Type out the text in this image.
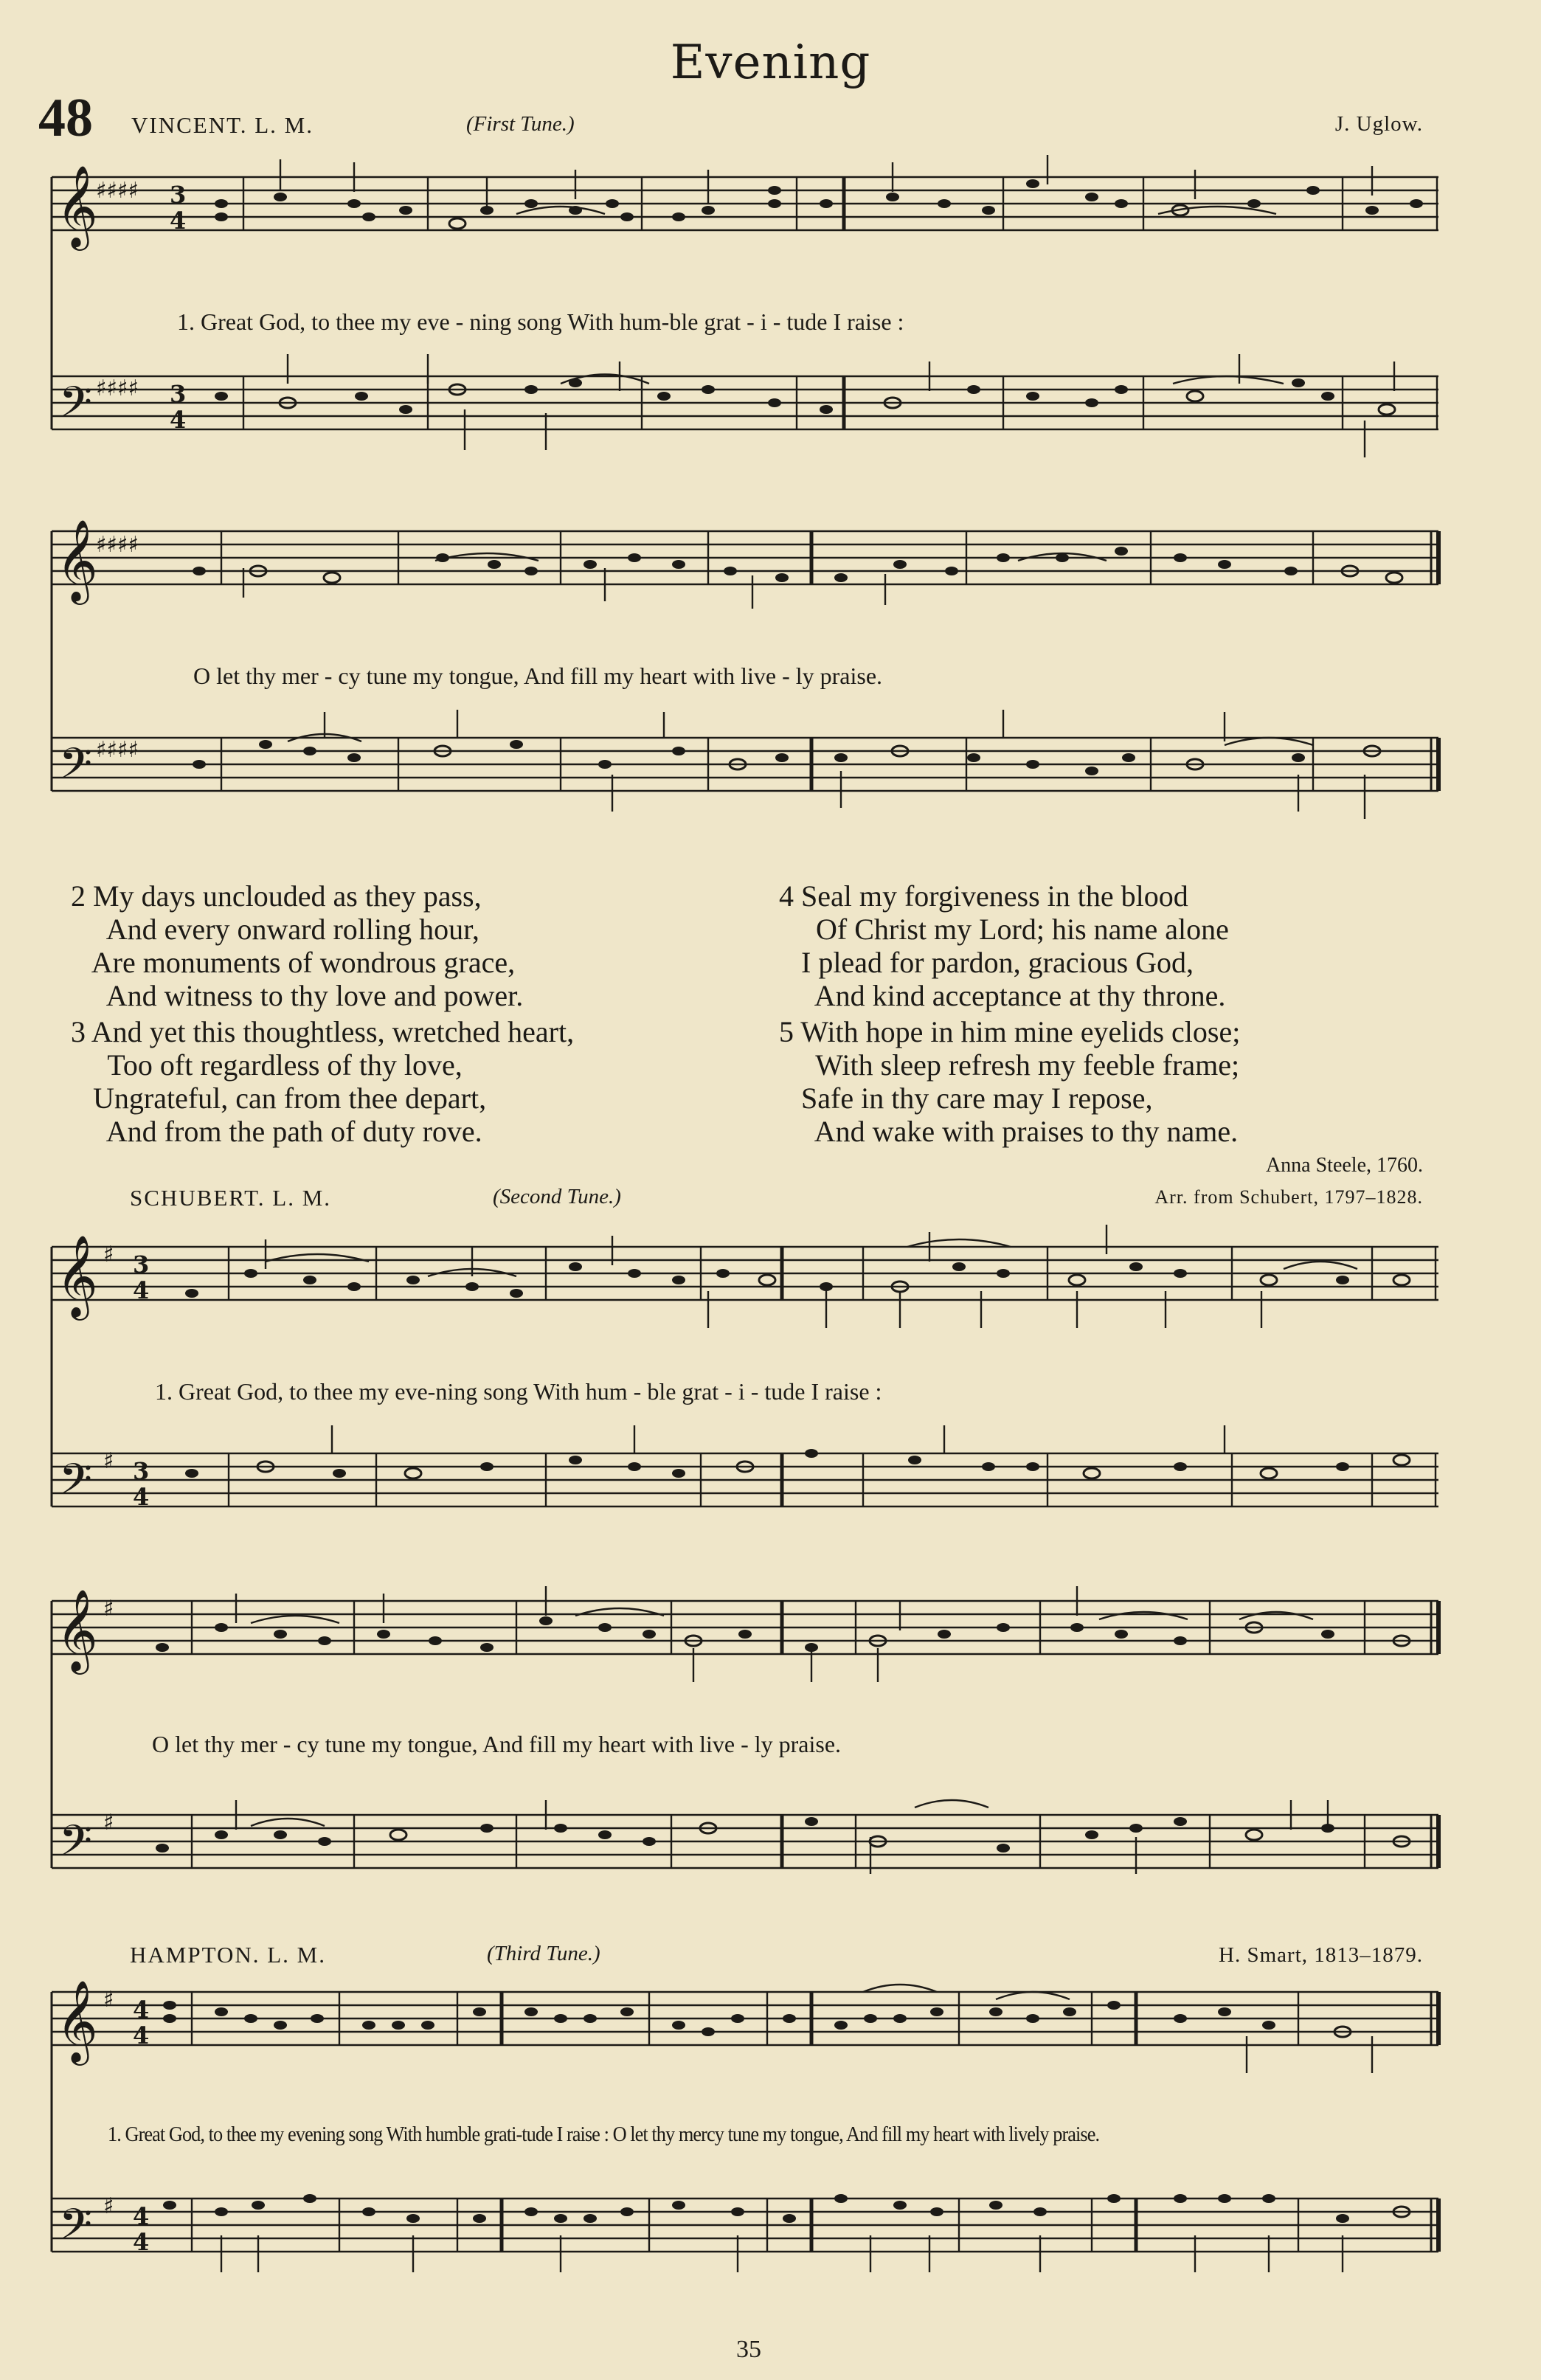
Evening
48 VINCENT. L. M.	(First Tune.)	J. Uglow.
𝄞
𝄢
♯♯♯♯
♯♯♯♯
3
4
3
4
1. Great God, to thee my eve - ning song With hum-ble grat - i - tude I raise :
𝄞
𝄢
♯♯♯♯
♯♯♯♯
O let thy mer - cy tune my tongue, And fill my heart with live - ly praise.
2 My days unclouded as they pass,
And every onward rolling hour,
Are monuments of wondrous grace,
And witness to thy love and power.
3 And yet this thoughtless, wretched heart,
Too oft regardless of thy love,
Ungrateful, can from thee depart,
And from the path of duty rove.
4 Seal my forgiveness in the blood
Of Christ my Lord; his name alone
I plead for pardon, gracious God,
And kind acceptance at thy throne.
5 With hope in him mine eyelids close;
With sleep refresh my feeble frame;
Safe in thy care may I repose,
And wake with praises to thy name.
Anna Steele, 1760.
SCHUBERT. L. M.	(Second Tune.)	Arr. from Schubert, 1797–1828.
𝄞
𝄢
♯
♯
3
4
3
4
1. Great God, to thee my eve-ning song With hum - ble grat - i - tude I raise :
𝄞
𝄢
♯
♯
O let thy mer - cy tune my tongue, And fill my heart with live - ly praise.
HAMPTON. L. M.	(Third Tune.)	H. Smart, 1813–1879.
𝄞
𝄢
♯
♯
4
4
4
4
1. Great God, to thee my evening song With humble grati-tude I raise : O let thy mercy tune my tongue, And fill my heart with lively praise.
35
